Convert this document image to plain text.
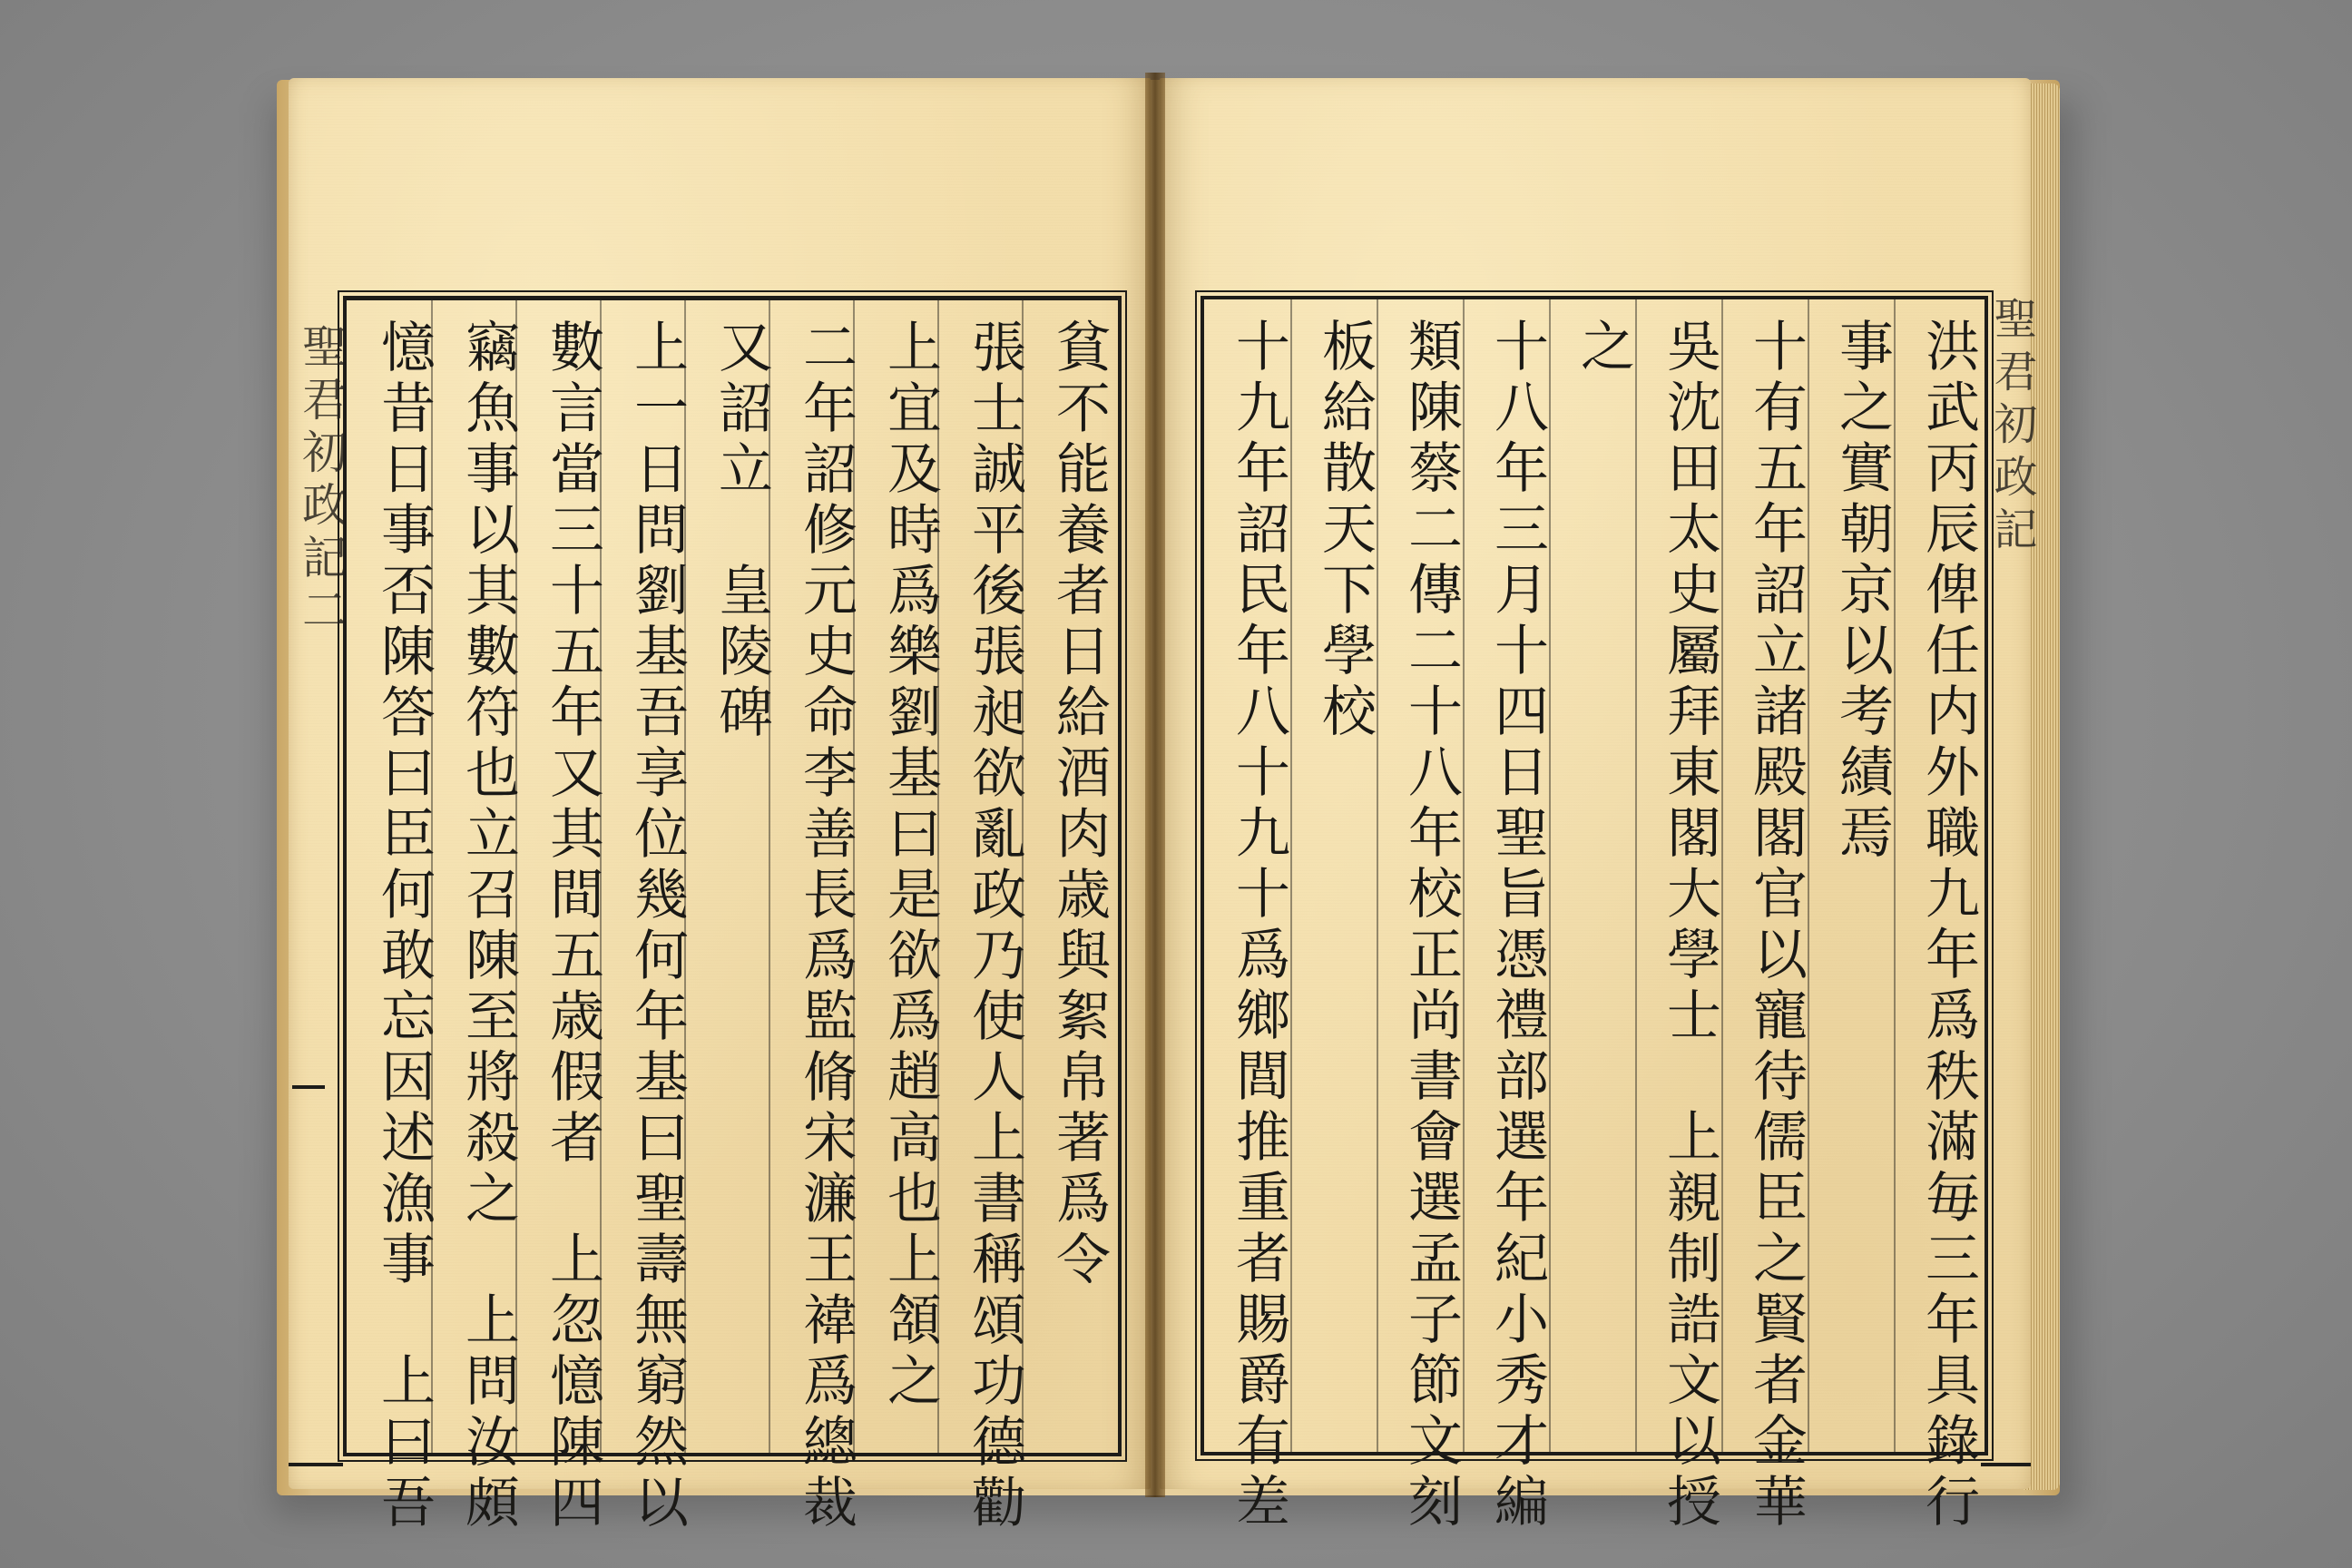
聖君初政記二	貧不能養者日給酒肉歳與絮帛著爲令
張士誠平後張昶欲亂政乃使人上書稱頌功德勸
上宜及時爲樂劉基曰是欲爲趙高也上頷之
二年詔修元史命李善長爲監脩宋濂王褘爲總裁
又詔立　皇陵碑
上一日問劉基吾享位幾何年基曰聖壽無窮然以
數言當三十五年又其間五歳假者　上忽憶陳四
竊魚事以其數符也立召陳至將殺之　上問汝頗
憶昔日事否陳答曰臣何敢忘因述漁事　上曰吾	洪武丙辰俾任内外職九年爲秩滿毎三年具錄行
事之實朝京以考績焉
十有五年詔立諸殿閣官以寵待儒臣之賢者金華
吳沈田太史屬拜東閣大學士　上親制誥文以授
之
十八年三月十四日聖旨憑禮部選年紀小秀才編
類陳蔡二傳二十八年校正尚書會選孟子節文刻
板給散天下學校
十九年詔民年八十九十爲鄉閭推重者賜爵有差	聖君初政記
